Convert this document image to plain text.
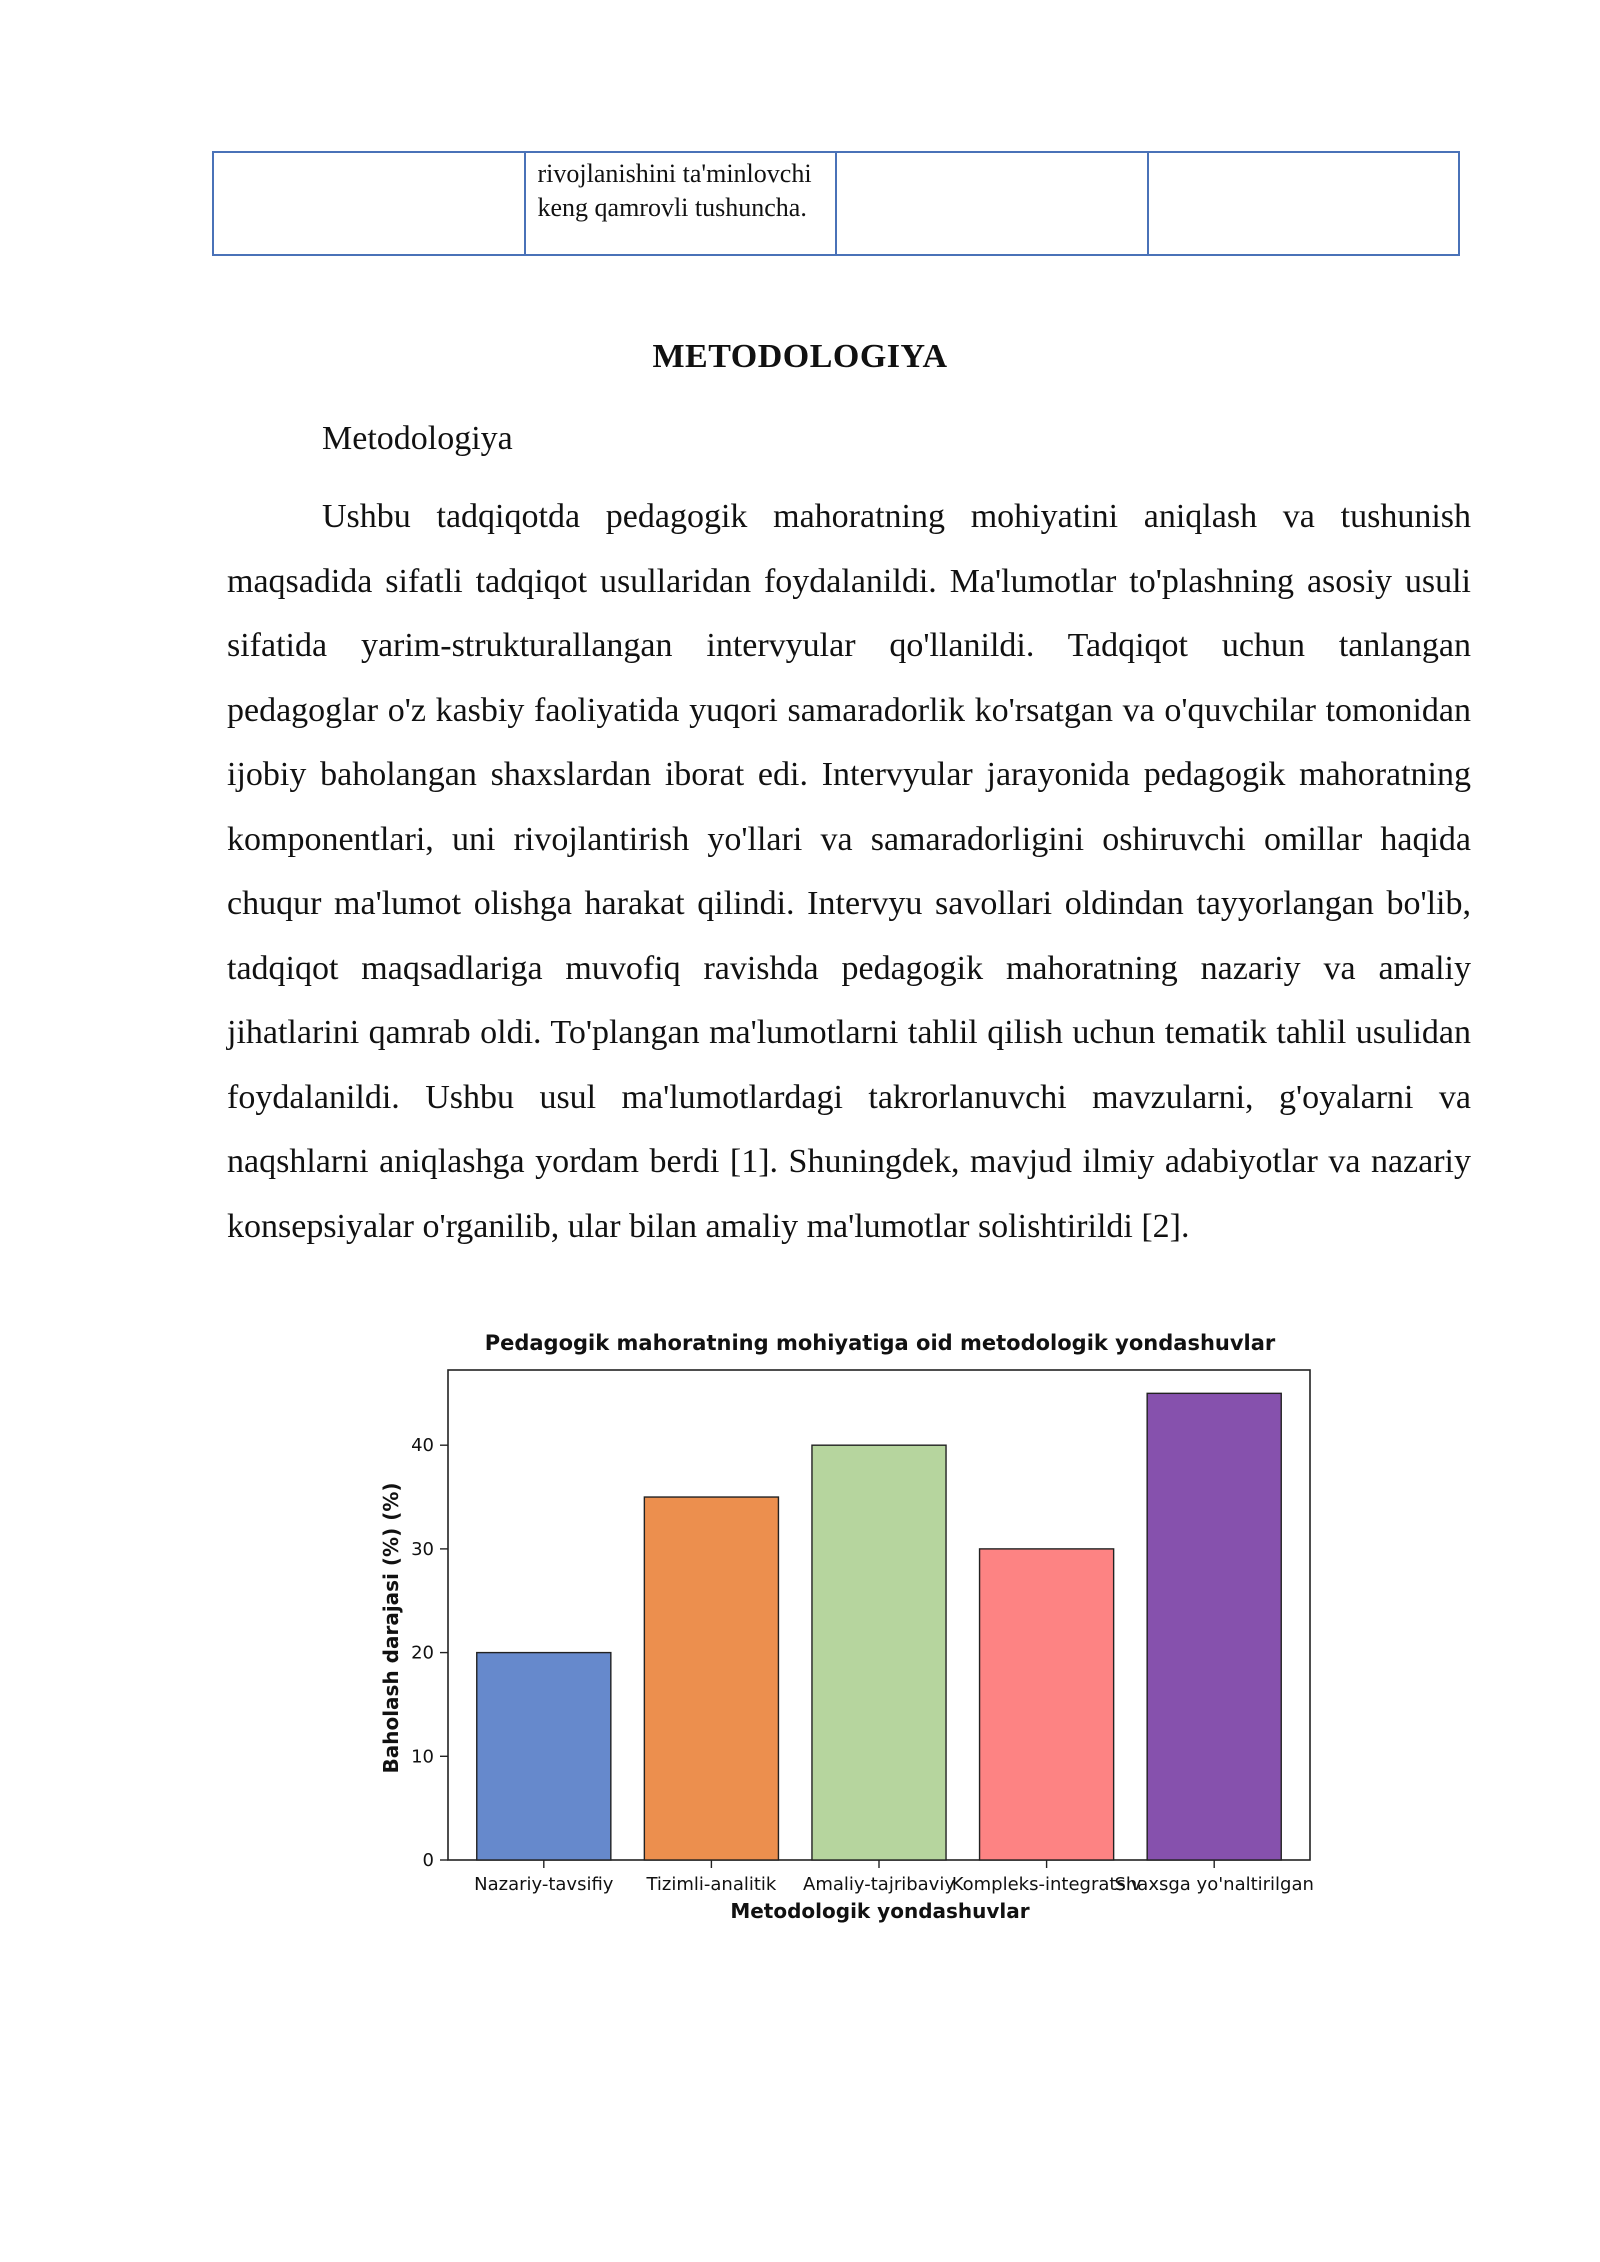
	rivojlanishini ta'minlovchi keng qamrovli tushuncha.		
METODOLOGIYA
Metodologiya

Ushbu tadqiqotda pedagogik mahoratning mohiyatini aniqlash va tushunish maqsadida sifatli tadqiqot usullaridan foydalanildi. Ma'lumotlar to'plashning asosiy usuli sifatida yarim-strukturallangan intervyular qo'llanildi. Tadqiqot uchun tanlangan pedagoglar o'z kasbiy faoliyatida yuqori samaradorlik ko'rsatgan va o'quvchilar tomonidan ijobiy baholangan shaxslardan iborat edi. Intervyular jarayonida pedagogik mahoratning komponentlari, uni rivojlantirish yo'llari va samaradorligini oshiruvchi omillar haqida chuqur ma'lumot olishga harakat qilindi. Intervyu savollari oldindan tayyorlangan bo'lib, tadqiqot maqsadlariga muvofiq ravishda pedagogik mahoratning nazariy va amaliy jihatlarini qamrab oldi. To'plangan ma'lumotlarni tahlil qilish uchun tematik tahlil usulidan foydalanildi. Ushbu usul ma'lumotlardagi takrorlanuvchi mavzularni, g'oyalarni va naqshlarni aniqlashga yordam berdi [1]. Shuningdek, mavjud ilmiy adabiyotlar va nazariy konsepsiyalar o'rganilib, ular bilan amaliy ma'lumotlar solishtirildi [2].

Pedagogik mahoratning mohiyatiga oid metodologik yondashuvlar
Metodologik yondashuvlar
Baholash darajasi (%) (%)
0
10
20
30
40
Nazariy-tavsifiy Tizimli-analitik Amaliy-tajribaviy
Kompleks-integratsiv
Shaxsga yo'naltirilgan
